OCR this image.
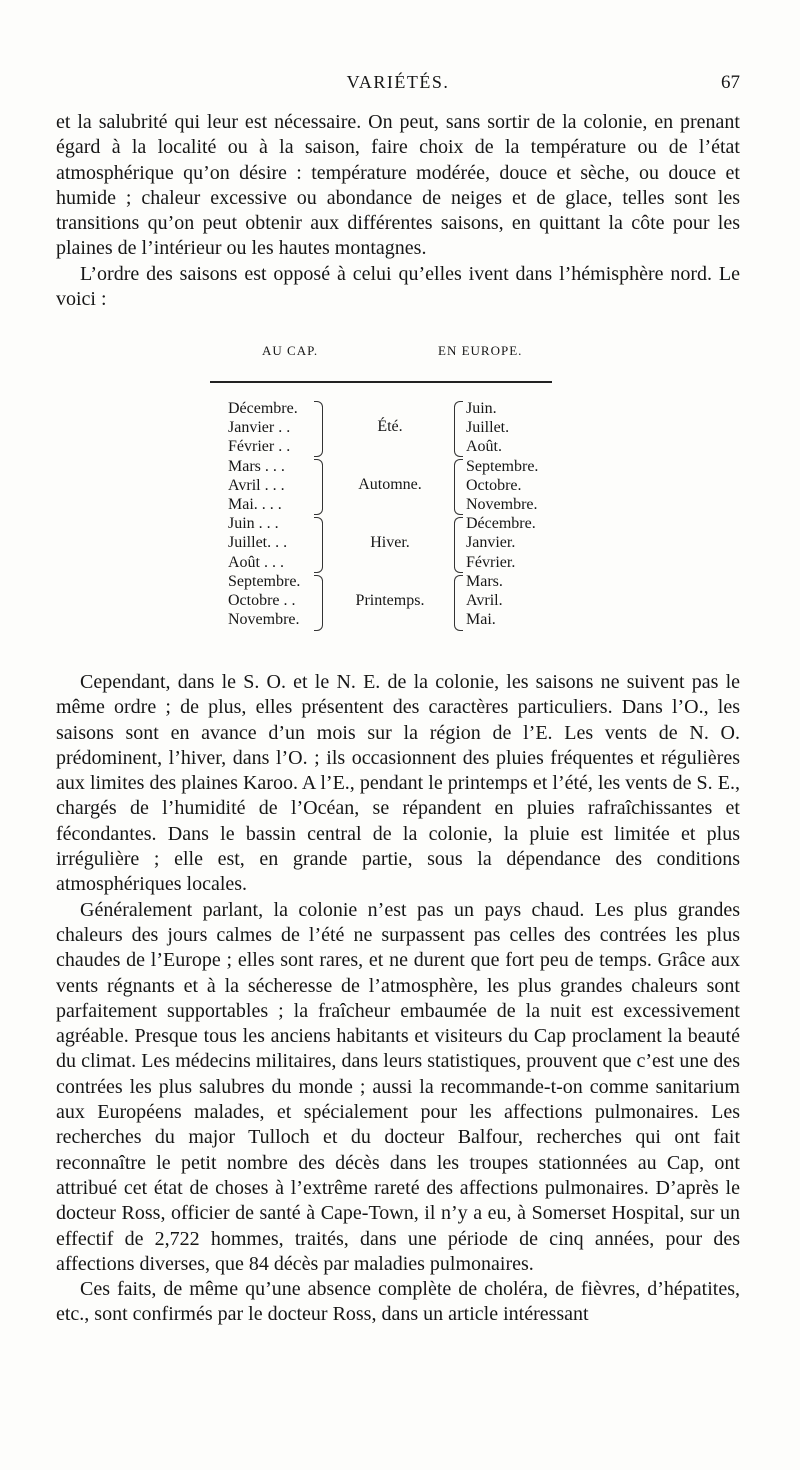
VARIÉTÉS.	67

et la salubrité qui leur est nécessaire. On peut, sans sortir de la colonie, en prenant égard à la localité ou à la saison, faire choix de la température ou de l’état atmosphérique qu’on désire : température modérée, douce et sèche, ou douce et humide ; chaleur excessive ou abondance de neiges et de glace, telles sont les transitions qu’on peut obtenir aux différentes saisons, en quittant la côte pour les plaines de l’intérieur ou les hautes montagnes.

L’ordre des saisons est opposé à celui qu’elles ivent dans l’hémisphère nord. Le voici :

AU CAP.	EN EUROPE.
Décembre.
Janvier . .
Février . .
Mars . . .
Avril . . .
Mai. . . .
Juin . . .
Juillet. . .
Août . . .
Septembre.
Octobre . .
Novembre.
Été.
Automne.
Hiver.
Printemps.
Juin.
Juillet.
Août.
Septembre.
Octobre.
Novembre.
Décembre.
Janvier.
Février.
Mars.
Avril.
Mai.

Cependant, dans le S. O. et le N. E. de la colonie, les saisons ne suivent pas le même ordre ; de plus, elles présentent des caractères particuliers. Dans l’O., les saisons sont en avance d’un mois sur la région de l’E. Les vents de N. O. prédominent, l’hiver, dans l’O. ; ils occasionnent des pluies fréquentes et régulières aux limites des plaines Karoo. A l’E., pendant le printemps et l’été, les vents de S. E., chargés de l’humidité de l’Océan, se répandent en pluies rafraîchissantes et fécondantes. Dans le bassin central de la colonie, la pluie est limitée et plus irrégulière ; elle est, en grande partie, sous la dépendance des conditions atmosphériques locales.

Généralement parlant, la colonie n’est pas un pays chaud. Les plus grandes chaleurs des jours calmes de l’été ne surpassent pas celles des contrées les plus chaudes de l’Europe ; elles sont rares, et ne durent que fort peu de temps. Grâce aux vents régnants et à la sécheresse de l’atmosphère, les plus grandes chaleurs sont parfaitement supportables ; la fraîcheur embaumée de la nuit est excessivement agréable. Presque tous les anciens habitants et visiteurs du Cap proclament la beauté du climat. Les médecins militaires, dans leurs statistiques, prouvent que c’est une des contrées les plus salubres du monde ; aussi la recommande-t-on comme sanitarium aux Européens malades, et spécialement pour les affections pulmonaires. Les recherches du major Tulloch et du docteur Balfour, recherches qui ont fait reconnaître le petit nombre des décès dans les troupes stationnées au Cap, ont attribué cet état de choses à l’extrême rareté des affections pulmonaires. D’après le docteur Ross, officier de santé à Cape-Town, il n’y a eu, à Somerset Hospital, sur un effectif de 2,722 hommes, traités, dans une période de cinq années, pour des affections diverses, que 84 décès par maladies pulmonaires.

Ces faits, de même qu’une absence complète de choléra, de fièvres, d’hépatites, etc., sont confirmés par le docteur Ross, dans un article intéressant
